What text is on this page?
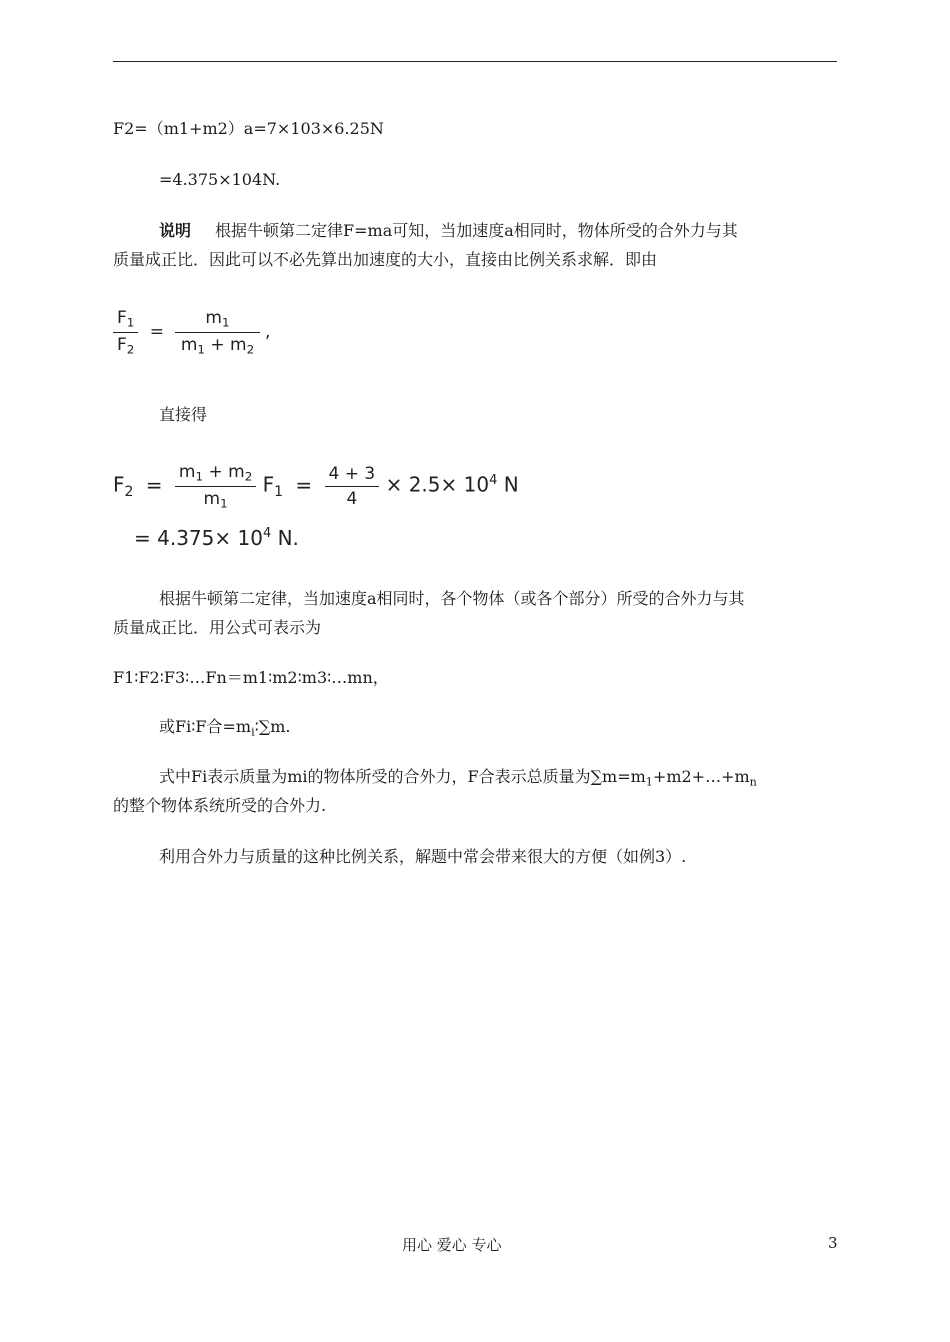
F2=（m1+m2）a=7×103×6.25N
=4.375×104N.
说明 根据牛顿第二定律F=ma可知，当加速度a相同时，物体所受的合外力与其
质量成正比．因此可以不必先算出加速度的大小，直接由比例关系求解．即由
$\frac{F_1}{F_2} = \frac{m_1}{m_1 + m_2}$ ,
直接得
$F_2 = \frac{m_1 + m_2}{m_1} F_1 = \frac{4 + 3}{4} \times 2.5\times 10^4$ N
= $4.375\times 10^4$ N.
根据牛顿第二定律，当加速度a相同时，各个物体（或各个部分）所受的合外力与其
质量成正比．用公式可表示为
F1∶F2∶F3∶…Fn＝m1∶m2∶m3∶…mn，
或Fi∶F合$=m_i∶\sum m$.
式中Fi表示质量为mi的物体所受的合外力，F合表示总质量为$\sum m=m_1+m2+\dots+m_n$
的整个物体系统所受的合外力.
利用合外力与质量的这种比例关系，解题中常会带来很大的方便（如例3）.
用心 爱心 专心	3
